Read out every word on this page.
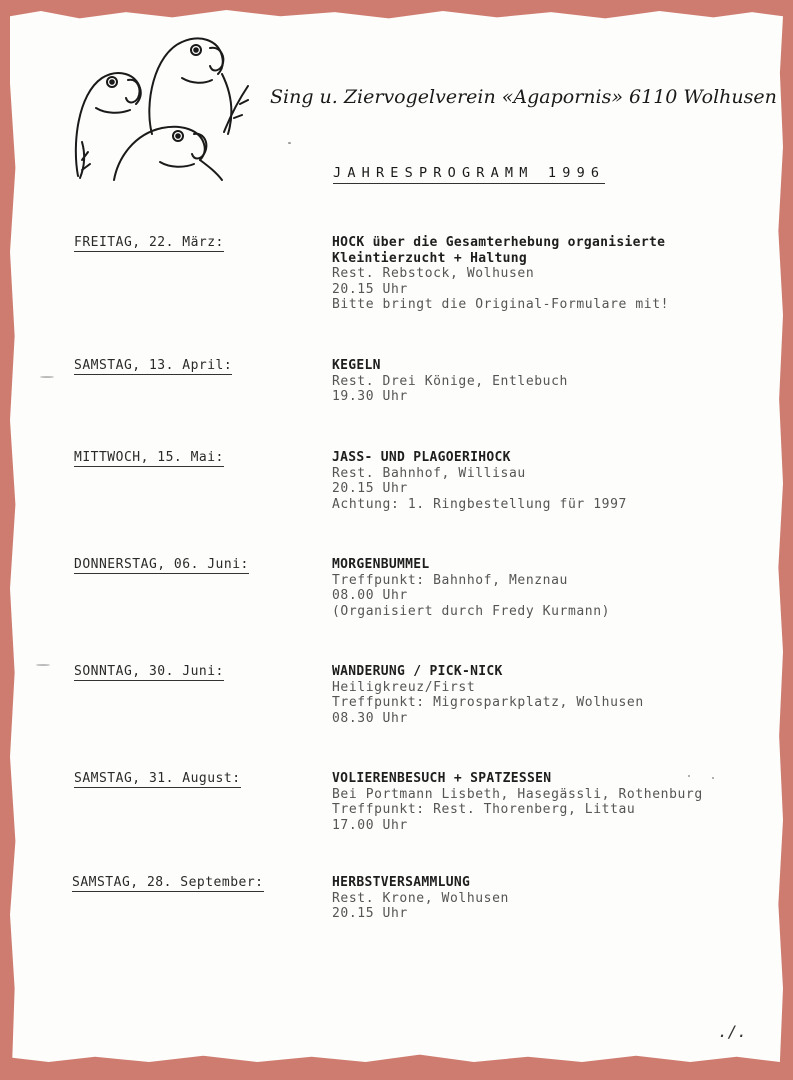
Sing u. Ziervogelverein «Agapornis» 6110 Wolhusen
JAHRESPROGRAMM 1996
FREITAG, 22. März:	HOCK über die Gesamterhebung organisierte
Kleintierzucht + Haltung
Rest. Rebstock, Wolhusen
20.15 Uhr
Bitte bringt die Original-Formulare mit!
SAMSTAG, 13. April:	KEGELN
Rest. Drei Könige, Entlebuch
19.30 Uhr
MITTWOCH, 15. Mai:	JASS- UND PLAGOERIHOCK
Rest. Bahnhof, Willisau
20.15 Uhr
Achtung: 1. Ringbestellung für 1997
DONNERSTAG, 06. Juni:	MORGENBUMMEL
Treffpunkt: Bahnhof, Menznau
08.00 Uhr
(Organisiert durch Fredy Kurmann)
SONNTAG, 30. Juni:	WANDERUNG / PICK-NICK
Heiligkreuz/First
Treffpunkt: Migrosparkplatz, Wolhusen
08.30 Uhr
SAMSTAG, 31. August:	VOLIERENBESUCH + SPATZESSEN
Bei Portmann Lisbeth, Hasegässli, Rothenburg
Treffpunkt: Rest. Thorenberg, Littau
17.00 Uhr
SAMSTAG, 28. September:	HERBSTVERSAMMLUNG
Rest. Krone, Wolhusen
20.15 Uhr
./.
